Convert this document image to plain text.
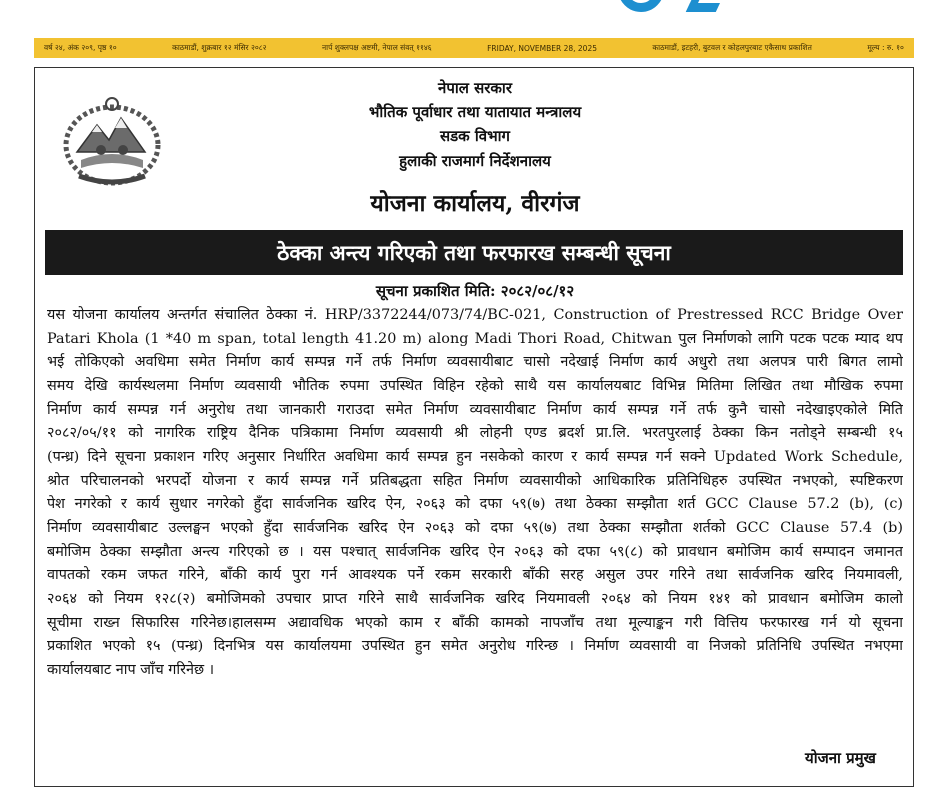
वर्ष २४, अंक २०९, पृष्ठ १०	काठमाडौं, शुक्रबार १२ मंसिर २०८२	नार्प शुक्लपक्ष अष्टमी, नेपाल संवत् ११४६	FRIDAY, NOVEMBER 28, 2025	काठमाडौं, इटहरी, बुटवल र कोहलपुरबाट एकैसाथ प्रकाशित	मूल्य : रु. १०
नेपाल सरकार
भौतिक पूर्वाधार तथा यातायात मन्त्रालय
सडक विभाग
हुलाकी राजमार्ग निर्देशनालय
योजना कार्यालय, वीरगंज
ठेक्का अन्त्य गरिएको तथा फरफारख सम्बन्धी सूचना
सूचना प्रकाशित मिति: २०८२/०८/१२
यस योजना कार्यालय अन्तर्गत संचालित ठेक्का नं. HRP/3372244/073/74/BC-021, Construction of Prestressed RCC Bridge Over
Patari Khola (1 *40 m span, total length 41.20 m) along Madi Thori Road, Chitwan पुल निर्माणको लागि पटक पटक म्याद थप
भई तोकिएको अवधिमा समेत निर्माण कार्य सम्पन्न गर्ने तर्फ निर्माण व्यवसायीबाट चासो नदेखाई निर्माण कार्य अधुरो तथा अलपत्र पारी बिगत लामो
समय देखि कार्यस्थलमा निर्माण व्यवसायी भौतिक रुपमा उपस्थित विहिन रहेको साथै यस कार्यालयबाट विभिन्न मितिमा लिखित तथा मौखिक रुपमा
निर्माण कार्य सम्पन्न गर्न अनुरोध तथा जानकारी गराउदा समेत निर्माण व्यवसायीबाट निर्माण कार्य सम्पन्न गर्ने तर्फ कुनै चासो नदेखाइएकोले मिति
२०८२/०५/११ को नागरिक राष्ट्रिय दैनिक पत्रिकामा निर्माण व्यवसायी श्री लोहनी एण्ड ब्रदर्श प्रा.लि. भरतपुरलाई ठेक्का किन नतोड्ने सम्बन्धी १५
(पन्ध्र) दिने सूचना प्रकाशन गरिए अनुसार निर्धारित अवधिमा कार्य सम्पन्न हुन नसकेको कारण र कार्य सम्पन्न गर्न सक्ने Updated Work Schedule,
श्रोत परिचालनको भरपर्दो योजना र कार्य सम्पन्न गर्ने प्रतिबद्धता सहित निर्माण व्यवसायीको आधिकारिक प्रतिनिधिहरु उपस्थित नभएको, स्पष्टिकरण
पेश नगरेको र कार्य सुधार नगरेको हुँदा सार्वजनिक खरिद ऐन, २०६३ को दफा ५९(७) तथा ठेक्का सम्झौता शर्त GCC Clause 57.2 (b), (c)
निर्माण व्यवसायीबाट उल्लङ्घन भएको हुँदा सार्वजनिक खरिद ऐन २०६३ को दफा ५९(७) तथा ठेक्का सम्झौता शर्तको GCC Clause 57.4 (b)
बमोजिम ठेक्का सम्झौता अन्त्य गरिएको छ । यस पश्चात् सार्वजनिक खरिद ऐन २०६३ को दफा ५९(८) को प्रावधान बमोजिम कार्य सम्पादन जमानत
वापतको रकम जफत गरिने, बाँकी कार्य पुरा गर्न आवश्यक पर्ने रकम सरकारी बाँकी सरह असुल उपर गरिने तथा सार्वजनिक खरिद नियमावली,
२०६४ को नियम १२८(२) बमोजिमको उपचार प्राप्त गरिने साथै सार्वजनिक खरिद नियमावली २०६४ को नियम १४१ को प्रावधान बमोजिम कालो
सूचीमा राख्न सिफारिस गरिनेछ।हालसम्म अद्यावधिक भएको काम र बाँकी कामको नापजाँच तथा मूल्याङ्कन गरी वित्तिय फरफारख गर्न यो सूचना
प्रकाशित भएको १५ (पन्ध्र) दिनभित्र यस कार्यालयमा उपस्थित हुन समेत अनुरोध गरिन्छ । निर्माण व्यवसायी वा निजको प्रतिनिधि उपस्थित नभएमा
कार्यालयबाट नाप जाँच गरिनेछ ।
योजना प्रमुख
